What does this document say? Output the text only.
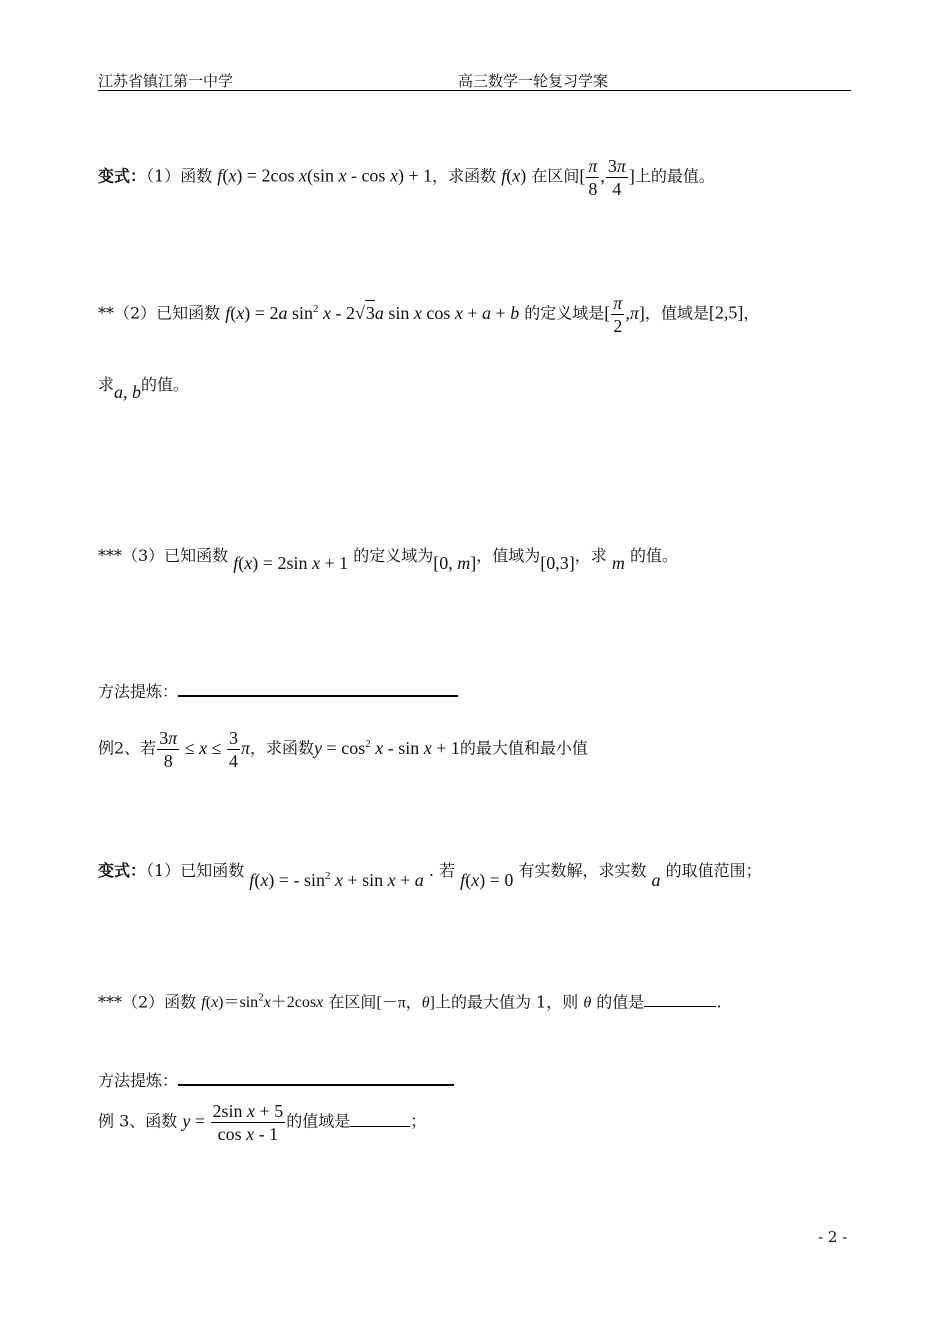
江苏省镇江第一中学	高三数学一轮复习学案
变式：（1）函数 f(x) = 2cos x(sin x - cos x) + 1，求函数 f(x) 在区间[ $\frac{\pi}{8}$ , $\frac{3\pi}{4}$ ]上的最值。
**（2）已知函数 f(x) = 2a $\sin^2 x - 2√3a$ sin x cos x + a + b 的定义域是[ $\frac{\pi}{2} ,\pi$]，值域是[2,5]，
求a, b的值。
***（3）已知函数 f(x) = 2sin x + 1 的定义域为[0, m]，值域为[0,3]，求 m 的值。
方法提炼：
例2、若 $\frac{3\pi}{8} \le x \le \frac{3}{4}$ π，求函数$y = \cos^2 x - \sin x + 1$的最大值和最小值
变式：（1）已知函数 f(x) = - $\sin^2 x + \sin x + a$ . 若 f(x) = 0 有实数解，求实数 a 的取值范围；
***（2）函数 $f(x)=\sin^2x+2\cos x$ 在区间[－π，θ]上的最大值为 1，则 θ 的值是	.
方法提炼：
例 3、函数 $y = \frac{\text{2sin x + 5}}{\text{cos x - 1}}$ 的值域是	；
- 2 -
